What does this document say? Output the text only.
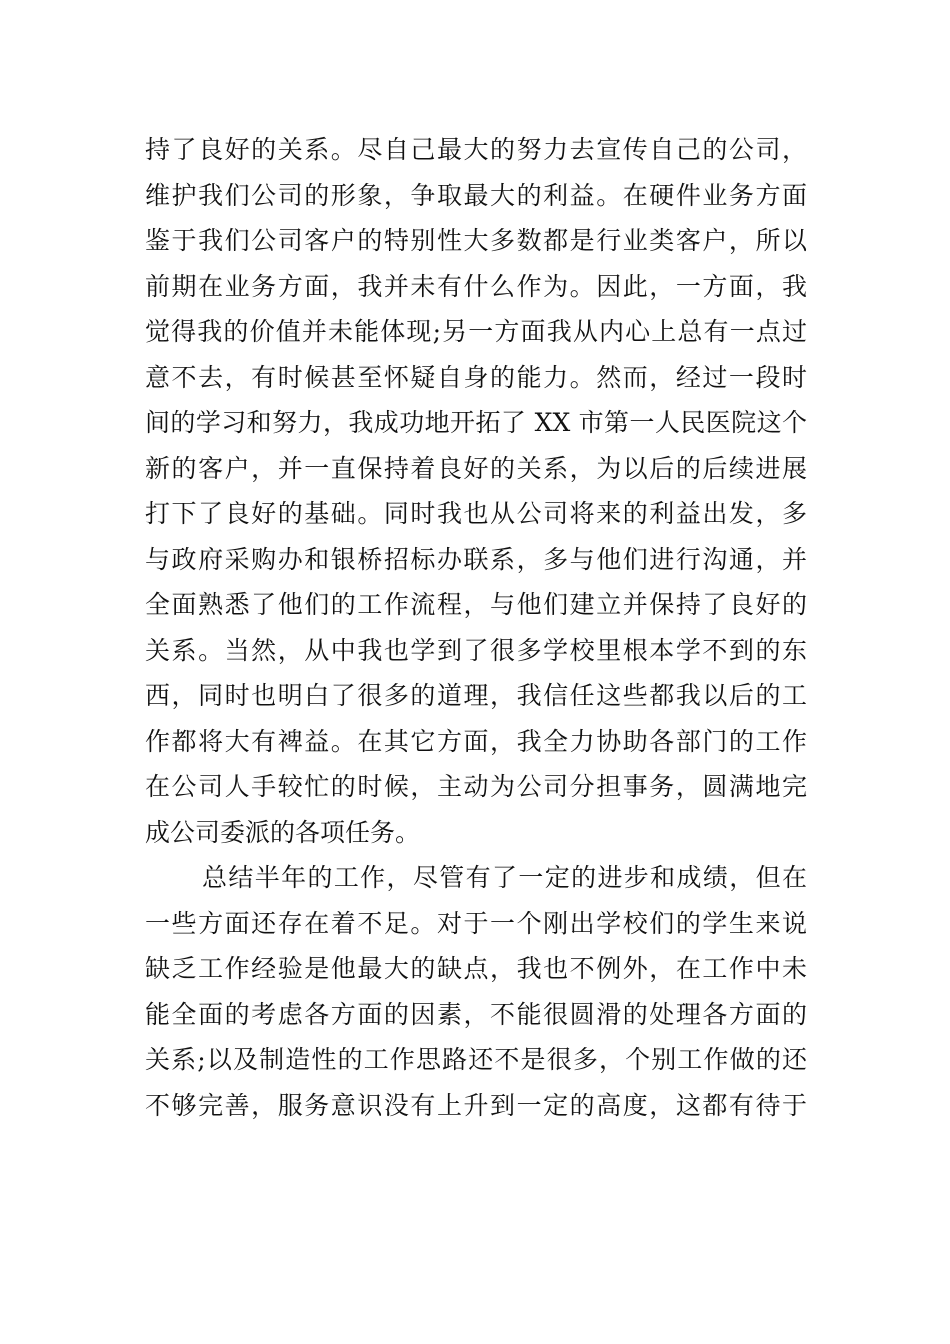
持了良好的关系。尽自己最大的努力去宣传自己的公司，
维护我们公司的形象，争取最大的利益。在硬件业务方面
鉴于我们公司客户的特别性大多数都是行业类客户，所以
前期在业务方面，我并未有什么作为。因此，一方面，我
觉得我的价值并未能体现;另一方面我从内心上总有一点过
意不去，有时候甚至怀疑自身的能力。然而，经过一段时
间的学习和努力，我成功地开拓了 XX 市第一人民医院这个
新的客户，并一直保持着良好的关系，为以后的后续进展
打下了良好的基础。同时我也从公司将来的利益出发，多
与政府采购办和银桥招标办联系，多与他们进行沟通，并
全面熟悉了他们的工作流程，与他们建立并保持了良好的
关系。当然，从中我也学到了很多学校里根本学不到的东
西，同时也明白了很多的道理，我信任这些都我以后的工
作都将大有裨益。在其它方面，我全力协助各部门的工作
在公司人手较忙的时候，主动为公司分担事务，圆满地完
成公司委派的各项任务。
总结半年的工作，尽管有了一定的进步和成绩，但在
一些方面还存在着不足。对于一个刚出学校们的学生来说
缺乏工作经验是他最大的缺点，我也不例外，在工作中未
能全面的考虑各方面的因素，不能很圆滑的处理各方面的
关系;以及制造性的工作思路还不是很多，个别工作做的还
不够完善，服务意识没有上升到一定的高度，这都有待于
